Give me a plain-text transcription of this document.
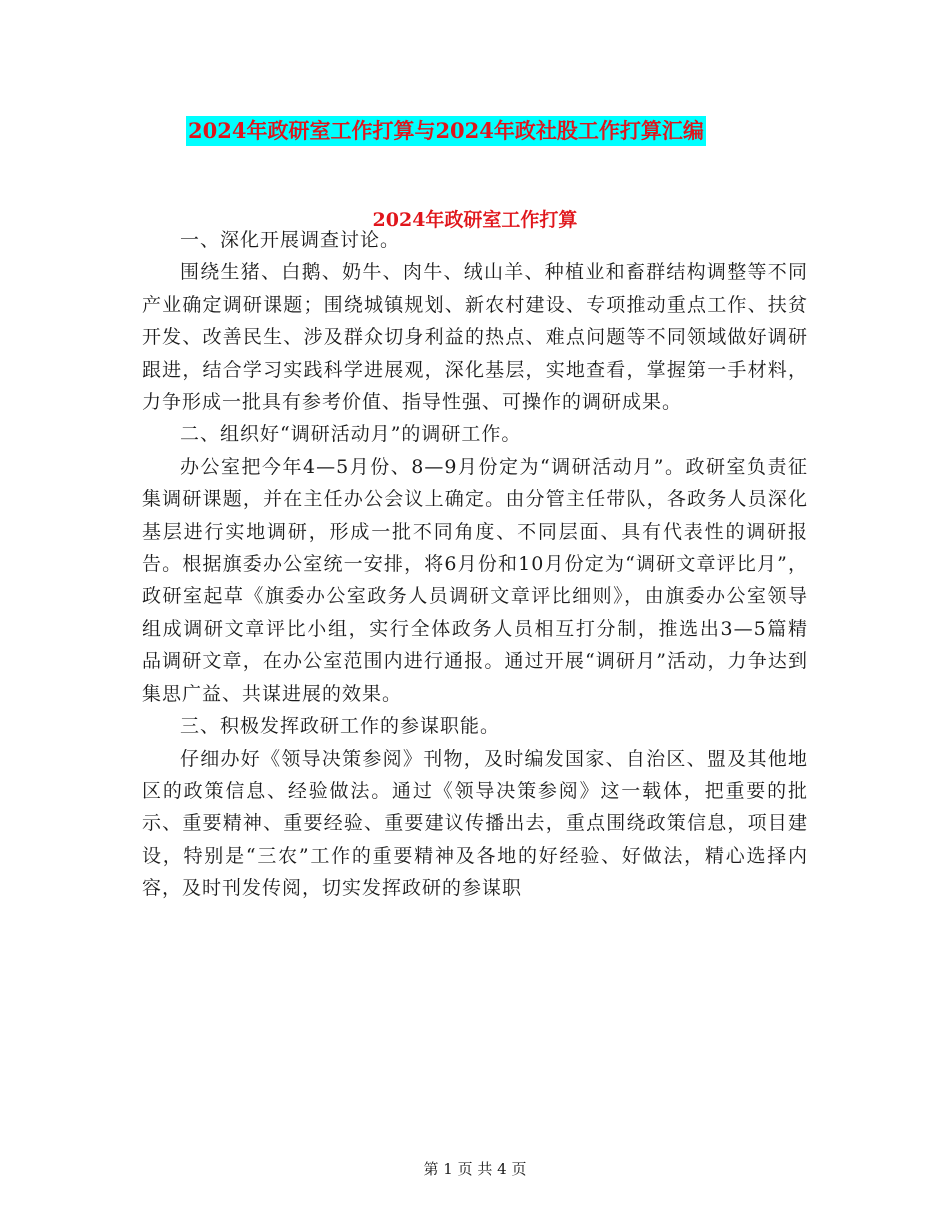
2024年政研室工作打算与2024年政社股工作打算汇编
2024年政研室工作打算

一、深化开展调查讨论。

围绕生猪、白鹅、奶牛、肉牛、绒山羊、种植业和畜群结构调整等不同产业确定调研课题；围绕城镇规划、新农村建设、专项推动重点工作、扶贫开发、改善民生、涉及群众切身利益的热点、难点问题等不同领域做好调研跟进，结合学习实践科学进展观，深化基层，实地查看，掌握第一手材料，力争形成一批具有参考价值、指导性强、可操作的调研成果。

二、组织好“调研活动月”的调研工作。

办公室把今年4—5月份、8—9月份定为“调研活动月”。政研室负责征集调研课题，并在主任办公会议上确定。由分管主任带队，各政务人员深化基层进行实地调研，形成一批不同角度、不同层面、具有代表性的调研报告。根据旗委办公室统一安排，将6月份和10月份定为“调研文章评比月”，政研室起草《旗委办公室政务人员调研文章评比细则》，由旗委办公室领导组成调研文章评比小组，实行全体政务人员相互打分制，推选出3—5篇精品调研文章，在办公室范围内进行通报。通过开展“调研月”活动，力争达到集思广益、共谋进展的效果。

三、积极发挥政研工作的参谋职能。

仔细办好《领导决策参阅》刊物，及时编发国家、自治区、盟及其他地区的政策信息、经验做法。通过《领导决策参阅》这一载体，把重要的批示、重要精神、重要经验、重要建议传播出去，重点围绕政策信息，项目建设，特别是“三农”工作的重要精神及各地的好经验、好做法，精心选择内容，及时刊发传阅，切实发挥政研的参谋职

第 1 页 共 4 页
